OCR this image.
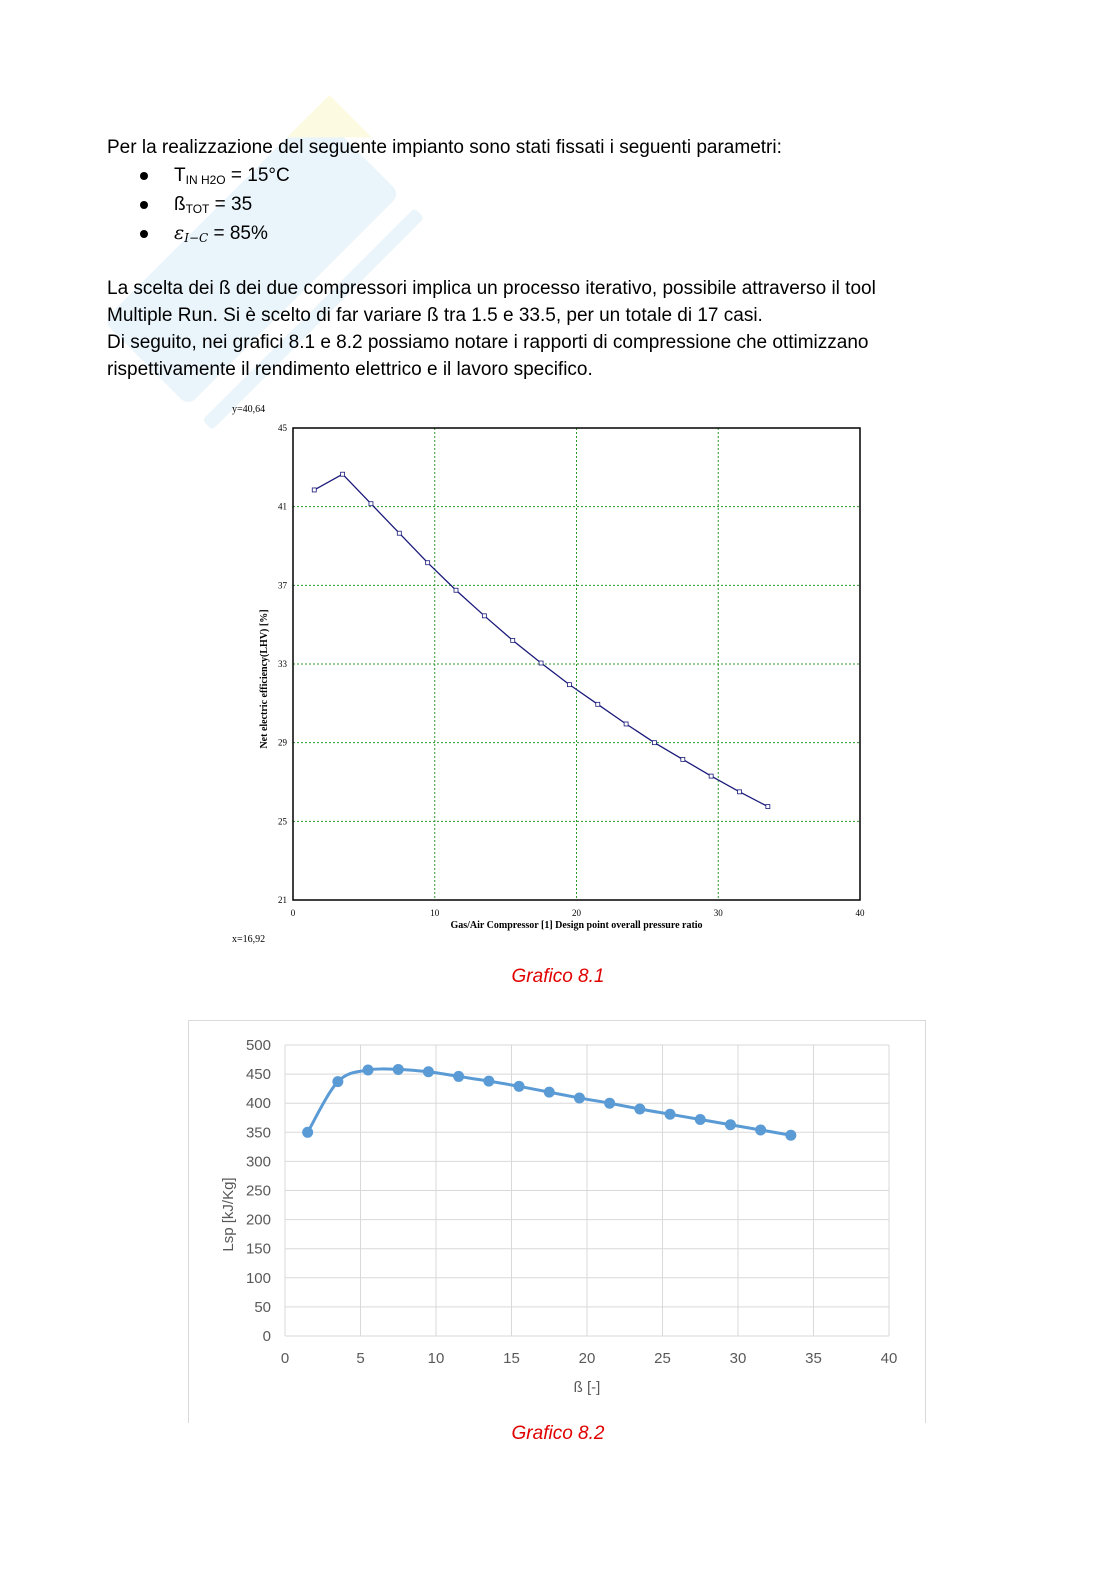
Per la realizzazione del seguente impianto sono stati fissati i seguenti parametri:

$T_{IN H2O} = 15^\circ C$
$ß_{TOT} = 35$
$\varepsilon_{I-C} = 85\%$
La scelta dei ß dei due compressori implica un processo iterativo, possibile attraverso il tool
Multiple Run. Si è scelto di far variare ß tra 1.5 e 33.5, per un totale di 17 casi.
Di seguito, nei grafici 8.1 e 8.2 possiamo notare i rapporti di compressione che ottimizzano
rispettivamente il rendimento elettrico e il lavoro specifico.
y=40,64
x=16,92
0	10	20	30	40
21
25
29
33
37
41
45
Gas/Air Compressor [1] Design point overall pressure ratio
Net electric efficiency(LHV) [%]
Grafico 8.1
0
50
100
150
200
250
300
350
400
450
500
0	5	10	15	20	25	30	35	40
ß [-]
Lsp [kJ/Kg]
Grafico 8.2
